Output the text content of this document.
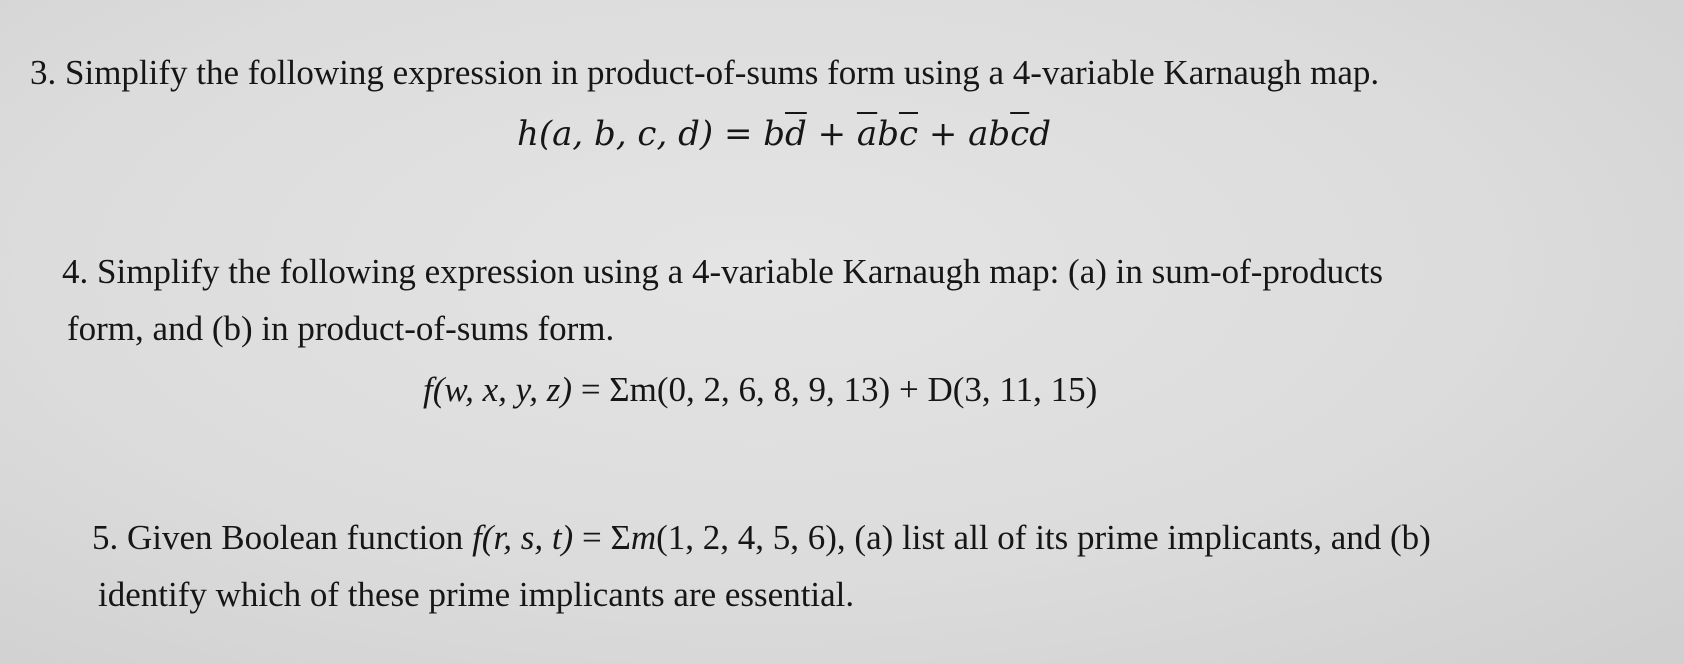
3. Simplify the following expression in product-of-sums form using a 4-variable Karnaugh map.
h(a, b, c, $d) = b\overline{d} + \overline{a}b\overline{c} + ab\overline{c}d$
4. Simplify the following expression using a 4-variable Karnaugh map: (a) in sum-of-products
form, and (b) in product-of-sums form.
f(w, x, y, z) = Σm(0, 2, 6, 8, 9, 13) + D(3, 11, 15)
5. Given Boolean function f(r, s, t) = Σm(1, 2, 4, 5, 6), (a) list all of its prime implicants, and (b)
identify which of these prime implicants are essential.
